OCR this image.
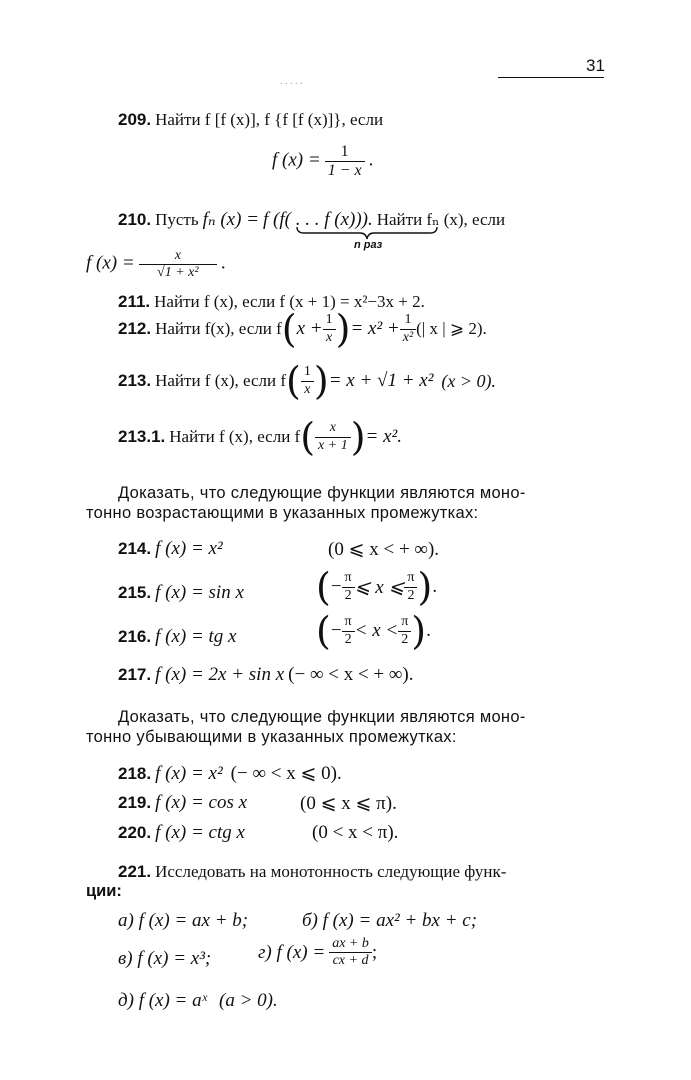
31
. . . . .
209. Найти f [f (x)], f {f [f (x)]}, если
f $(x) = \frac{1}{1 - x}$ .
210. Пусть fₙ (x) = f (f( . . . f (x))). Найти fₙ (x), если
n раз
f $(x) = \frac{x}{\text{√1 + x²}}$ .
211. Найти f (x), если f (x + 1) = x²−3x + 2.
212.
Найти f(x), если f ( $x + \frac{1}{x}$ ) = $x^2 + \frac{1}{\text{x²}}$ (| x | ⩾ 2).
213.
Найти f (x), если f ( $\frac{1}{x}$ ) = x + √1 + x²
(x > 0).
213.1.
Найти f (x), если f ( $\frac{x}{x + 1}$ ) = x².
Доказать, что следующие функции являются моно-
тонно возрастающими в указанных промежутках:
214. f (x) = x²	(0 ⩽ x < + ∞).
215. f (x) = sin x ( − $\frac{\pi}{2}$ ⩽ x ⩽ $\frac{\pi}{2}$ ) .
216. f (x) = tg x ( − $\frac{\pi}{2} < x < \frac{\pi}{2}$ ) .
217. f (x) = 2x + sin x (− ∞ < x < + ∞).
Доказать, что следующие функции являются моно-
тонно убывающими в указанных промежутках:
218. f (x) = x² (− ∞ < x ⩽ 0).
219. f (x) = cos x	(0 ⩽ x ⩽ π).
220. f (x) = ctg x	(0 < x < π).
221. Исследовать на монотонность следующие функ-
ции:
а) f (x) = ax + b;	б) f (x) = ax² + bx + c;
в) f (x) = x³; г) f (x) =
$\frac{ax + b}{cx + d}$ ;
д) f (x) = aˣ (a > 0).
